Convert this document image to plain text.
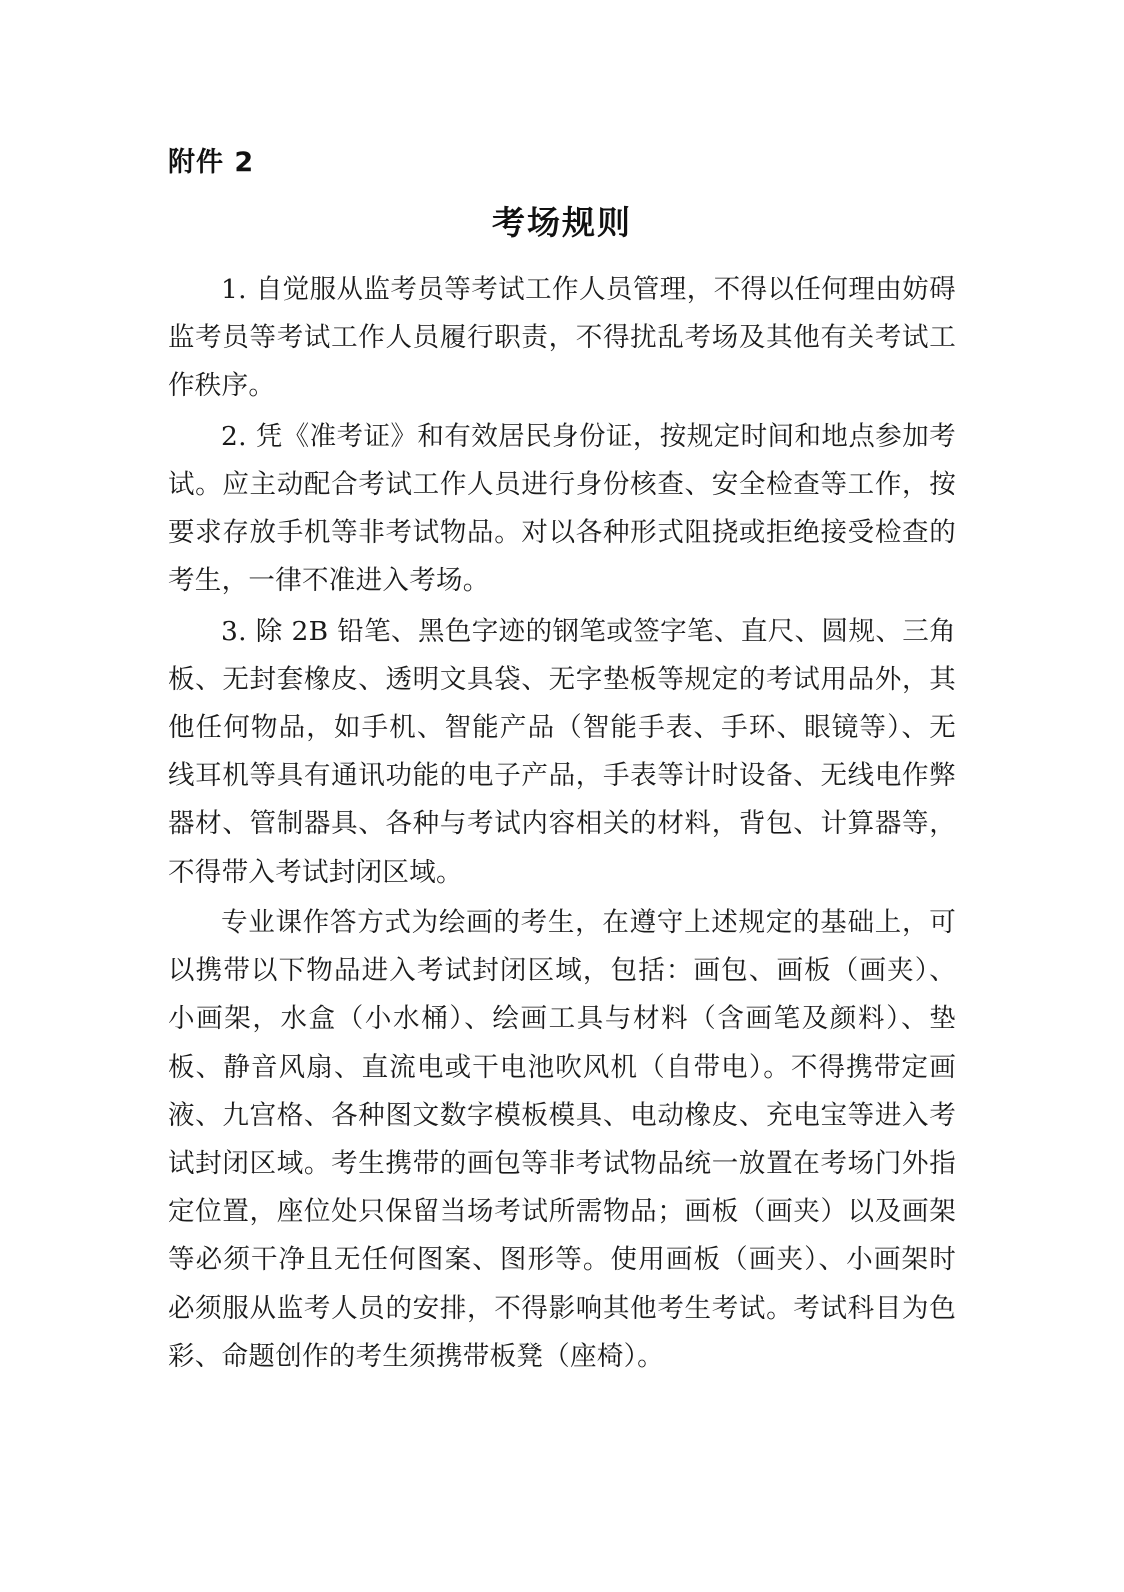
附件 2
考场规则

1. 自觉服从监考员等考试工作人员管理，不得以任何理由妨碍监考员等考试工作人员履行职责，不得扰乱考场及其他有关考试工作秩序。

2. 凭《准考证》和有效居民身份证，按规定时间和地点参加考试。应主动配合考试工作人员进行身份核查、安全检查等工作，按要求存放手机等非考试物品。对以各种形式阻挠或拒绝接受检查的考生，一律不准进入考场。

3. 除 2B 铅笔、黑色字迹的钢笔或签字笔、直尺、圆规、三角板、无封套橡皮、透明文具袋、无字垫板等规定的考试用品外，其他任何物品，如手机、智能产品（智能手表、手环、眼镜等）、无线耳机等具有通讯功能的电子产品，手表等计时设备、无线电作弊器材、管制器具、各种与考试内容相关的材料，背包、计算器等，不得带入考试封闭区域。

专业课作答方式为绘画的考生，在遵守上述规定的基础上，可以携带以下物品进入考试封闭区域，包括：画包、画板（画夹）、小画架，水盒（小水桶）、绘画工具与材料（含画笔及颜料）、垫板、静音风扇、直流电或干电池吹风机（自带电）。不得携带定画液、九宫格、各种图文数字模板模具、电动橡皮、充电宝等进入考试封闭区域。考生携带的画包等非考试物品统一放置在考场门外指定位置，座位处只保留当场考试所需物品；画板（画夹）以及画架等必须干净且无任何图案、图形等。使用画板（画夹）、小画架时必须服从监考人员的安排，不得影响其他考生考试。考试科目为色彩、命题创作的考生须携带板凳（座椅）。
